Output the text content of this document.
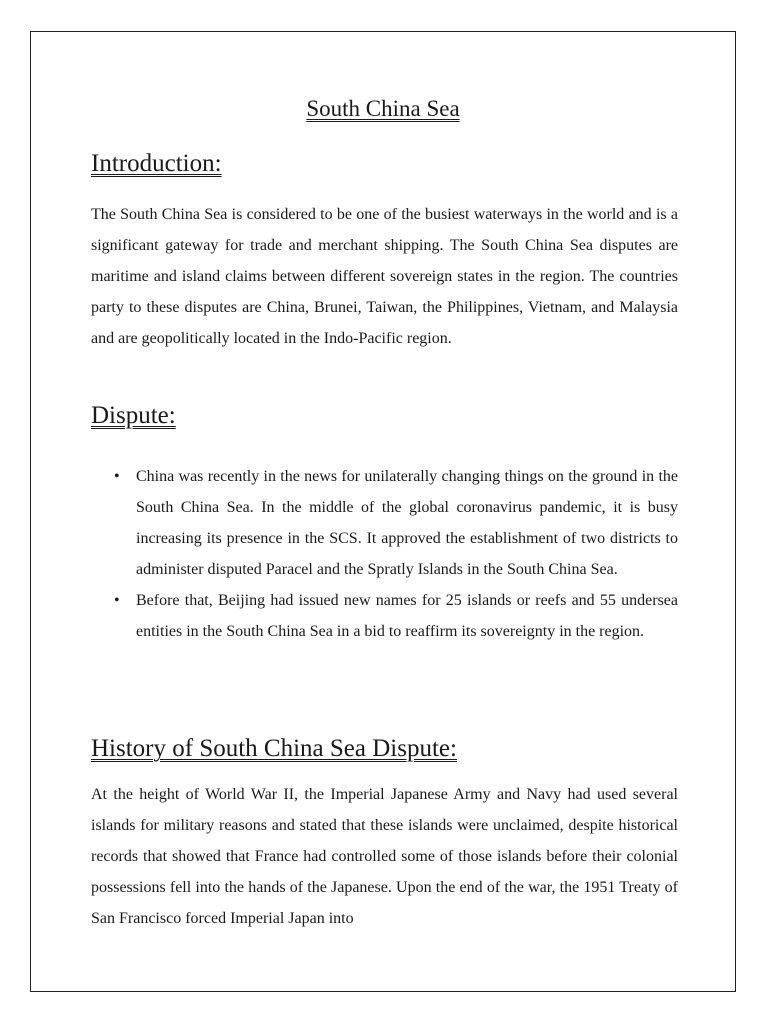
South China Sea
Introduction:

The South China Sea is considered to be one of the busiest waterways in the world and is a significant gateway for trade and merchant shipping. The South China Sea disputes are maritime and island claims between different sovereign states in the region. The countries party to these disputes are China, Brunei, Taiwan, the Philippines, Vietnam, and Malaysia and are geopolitically located in the Indo-Pacific region.

Dispute:
• China was recently in the news for unilaterally changing things on the ground in the South China Sea. In the middle of the global coronavirus pandemic, it is busy increasing its presence in the SCS. It approved the establishment of two districts to administer disputed Paracel and the Spratly Islands in the South China Sea.
• Before that, Beijing had issued new names for 25 islands or reefs and 55 undersea entities in the South China Sea in a bid to reaffirm its sovereignty in the region.
History of South China Sea Dispute:

At the height of World War II, the Imperial Japanese Army and Navy had used several islands for military reasons and stated that these islands were unclaimed, despite historical records that showed that France had controlled some of those islands before their colonial possessions fell into the hands of the Japanese. Upon the end of the war, the 1951 Treaty of San Francisco forced Imperial Japan into
